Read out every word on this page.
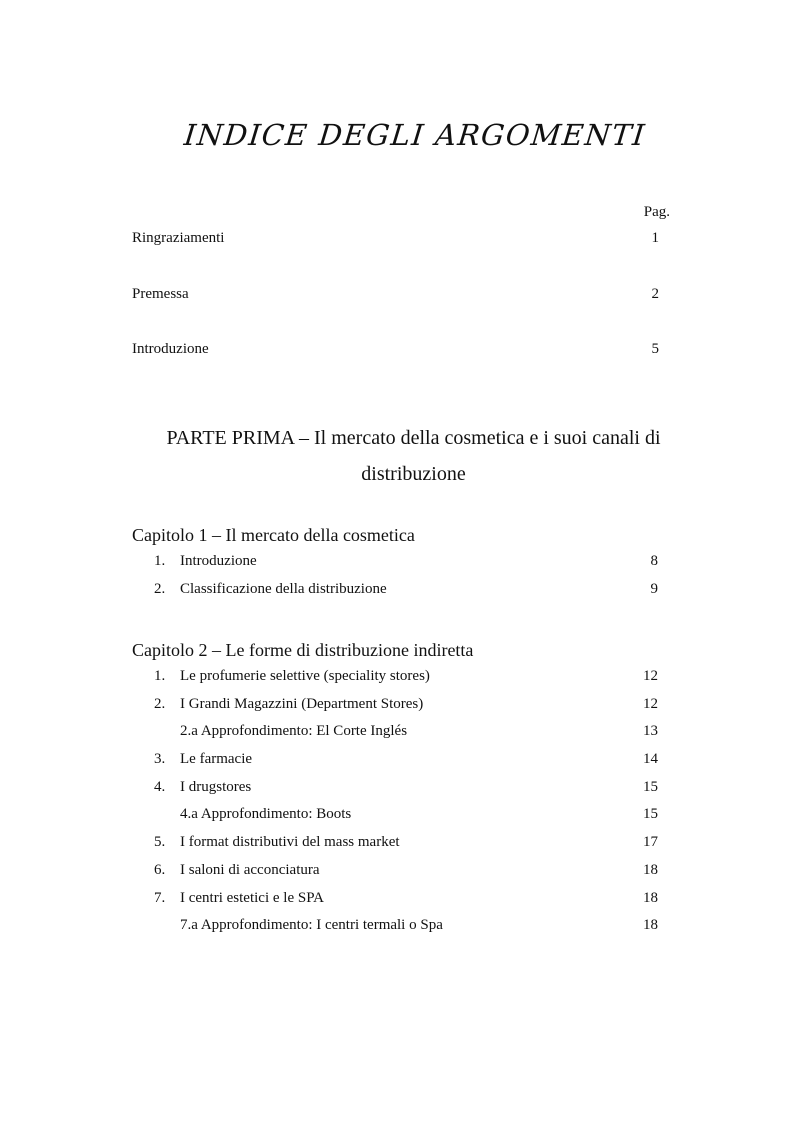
INDICE DEGLI ARGOMENTI
Pag.
Ringraziamenti	1
Premessa	2
Introduzione	5
PARTE PRIMA – Il mercato della cosmetica e i suoi canali di
distribuzione
Capitolo 1 – Il mercato della cosmetica
1. Introduzione	8
2. Classificazione della distribuzione	9
Capitolo 2 – Le forme di distribuzione indiretta
1. Le profumerie selettive (speciality stores)	12
2. I Grandi Magazzini (Department Stores)	12
2.a Approfondimento: El Corte Inglés	13
3. Le farmacie	14
4. I drugstores	15
4.a Approfondimento: Boots	15
5. I format distributivi del mass market	17
6. I saloni di acconciatura	18
7. I centri estetici e le SPA	18
7.a Approfondimento: I centri termali o Spa	18
